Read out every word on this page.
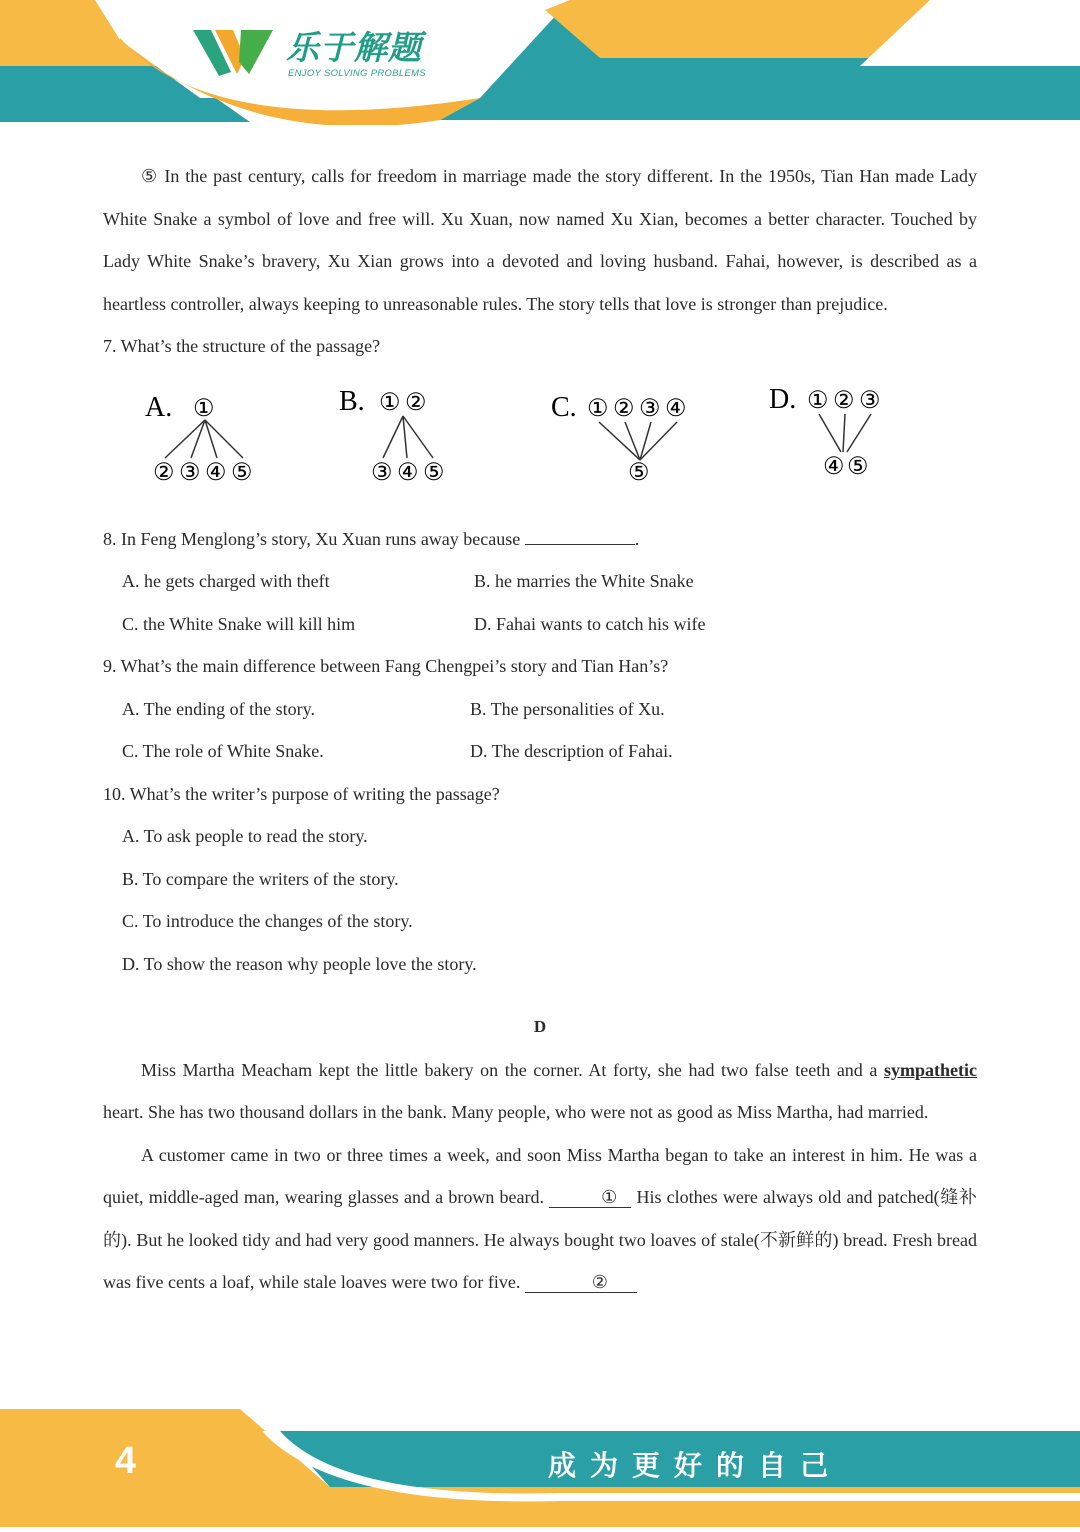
乐于解题
ENJOY SOLVING PROBLEMS

⑤ In the past century, calls for freedom in marriage made the story different. In the 1950s, Tian Han made Lady White Snake a symbol of love and free will. Xu Xuan, now named Xu Xian, becomes a better character. Touched by Lady White Snake’s bravery, Xu Xian grows into a devoted and loving husband. Fahai, however, is described as a heartless controller, always keeping to unreasonable rules. The story tells that love is stronger than prejudice.

7. What’s the structure of the passage?

A. ①
② ③ ④ ⑤
B. ① ②
③ ④ ⑤
C. ① ② ③ ④
⑤
D. ① ② ③
④ ⑤

8. In Feng Menglong’s story, Xu Xuan runs away because	.

A. he gets charged with theft	B. he marries the White Snake
C. the White Snake will kill him	D. Fahai wants to catch his wife

9. What’s the main difference between Fang Chengpei’s story and Tian Han’s?

A. The ending of the story.	B. The personalities of Xu.
C. The role of White Snake.	D. The description of Fahai.

10. What’s the writer’s purpose of writing the passage?

A. To ask people to read the story.
B. To compare the writers of the story.
C. To introduce the changes of the story.
D. To show the reason why people love the story.
D

Miss Martha Meacham kept the little bakery on the corner. At forty, she had two false teeth and a sympathetic heart. She has two thousand dollars in the bank. Many people, who were not as good as Miss Martha, had married.

A customer came in two or three times a week, and soon Miss Martha began to take an interest in him. He was a quiet, middle-aged man, wearing glasses and a brown beard.	① His clothes were always old and patched(缝补的). But he looked tidy and had very good manners. He always bought two loaves of stale(不新鲜的) bread. Fresh bread was five cents a loaf, while stale loaves were two for five.	②

4	成为更好的自己
